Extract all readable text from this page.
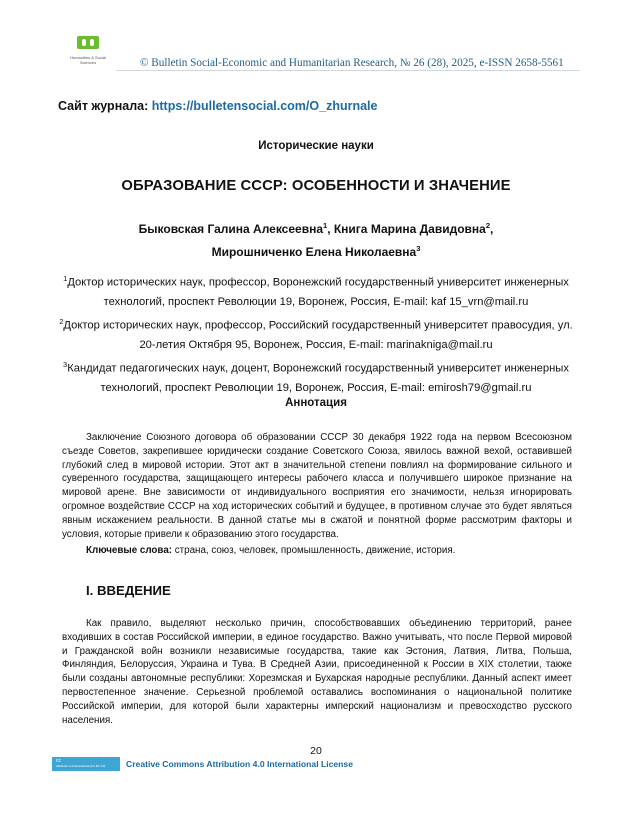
Humanities & Social Sciences	© Bulletin Social-Economic and Humanitarian Research, № 26 (28), 2025, e-ISSN 2658-5561
Сайт журнала: https://bulletensocial.com/O_zhurnale
Исторические науки
ОБРАЗОВАНИЕ СССР: ОСОБЕННОСТИ И ЗНАЧЕНИЕ
Быковская Галина Алексеевна$^1$, Книга Марина Давидовна$^2$,
Мирошниченко Елена Николаевна$^3$
$^1$Доктор исторических наук, профессор, Воронежский государственный университет инженерных технологий, проспект Революции 19, Воронеж, Россия, E-mail: kaf 15_vrn@mail.ru
$^2$Доктор исторических наук, профессор, Российский государственный университет правосудия, ул. 20-летия Октября 95, Воронеж, Россия, E-mail: marinakniga@mail.ru
$^3$Кандидат педагогических наук, доцент, Воронежский государственный университет инженерных технологий, проспект Революции 19, Воронеж, Россия, E-mail: emirosh79@gmail.ru
Аннотация

Заключение Союзного договора об образовании СССР 30 декабря 1922 года на первом Всесоюзном съезде Советов, закрепившее юридически создание Советского Союза, явилось важной вехой, оставившей глубокий след в мировой истории. Этот акт в значительной степени повлиял на формирование сильного и суверенного государства, защищающего интересы рабочего класса и получившего широкое признание на мировой арене. Вне зависимости от индивидуального восприятия его значимости, нельзя игнорировать огромное воздействие СССР на ход исторических событий и будущее, в противном случае это будет являться явным искажением реальности. В данной статье мы в сжатой и понятной форме рассмотрим факторы и условия, которые привели к образованию этого государства.

Ключевые слова: страна, союз, человек, промышленность, движение, история.
I. ВВЕДЕНИЕ

Как правило, выделяют несколько причин, способствовавших объединению территорий, ранее входивших в состав Российской империи, в единое государство. Важно учитывать, что после Первой мировой и Гражданской войн возникли независимые государства, такие как Эстония, Латвия, Литва, Польша, Финляндия, Белоруссия, Украина и Тува. В Средней Азии, присоединенной к России в XIX столетии, также были созданы автономные республики: Хорезмская и Бухарская народные республики. Данный аспект имеет первостепенное значение. Серьезной проблемой оставались воспоминания о национальной политике Российской империи, для которой были характерны имперский национализм и превосходство русского населения.

20
cc
Attribution 4.0 International (CC BY 4.0) Creative Commons Attribution 4.0 International License
